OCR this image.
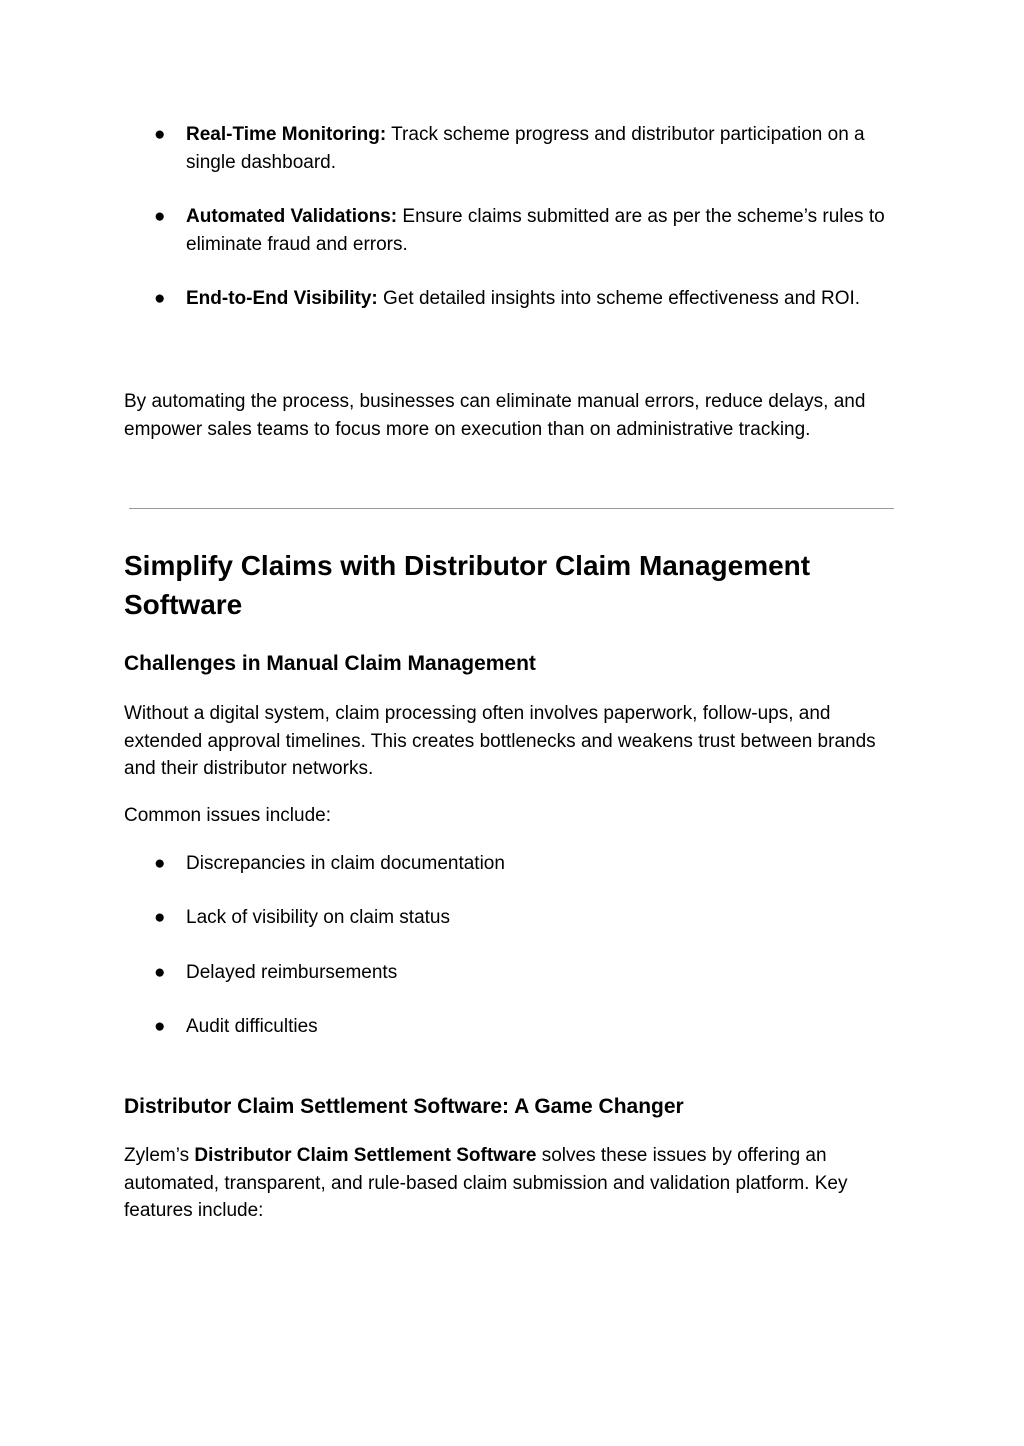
● Real-Time Monitoring: Track scheme progress and distributor participation on a single dashboard.
● Automated Validations: Ensure claims submitted are as per the scheme’s rules to eliminate fraud and errors.
● End-to-End Visibility: Get detailed insights into scheme effectiveness and ROI.

By automating the process, businesses can eliminate manual errors, reduce delays, and empower sales teams to focus more on execution than on administrative tracking.

Simplify Claims with Distributor Claim Management Software
Challenges in Manual Claim Management

Without a digital system, claim processing often involves paperwork, follow-ups, and extended approval timelines. This creates bottlenecks and weakens trust between brands and their distributor networks.

Common issues include:

● Discrepancies in claim documentation
● Lack of visibility on claim status
● Delayed reimbursements
● Audit difficulties
Distributor Claim Settlement Software: A Game Changer

Zylem’s Distributor Claim Settlement Software solves these issues by offering an automated, transparent, and rule-based claim submission and validation platform. Key features include:
